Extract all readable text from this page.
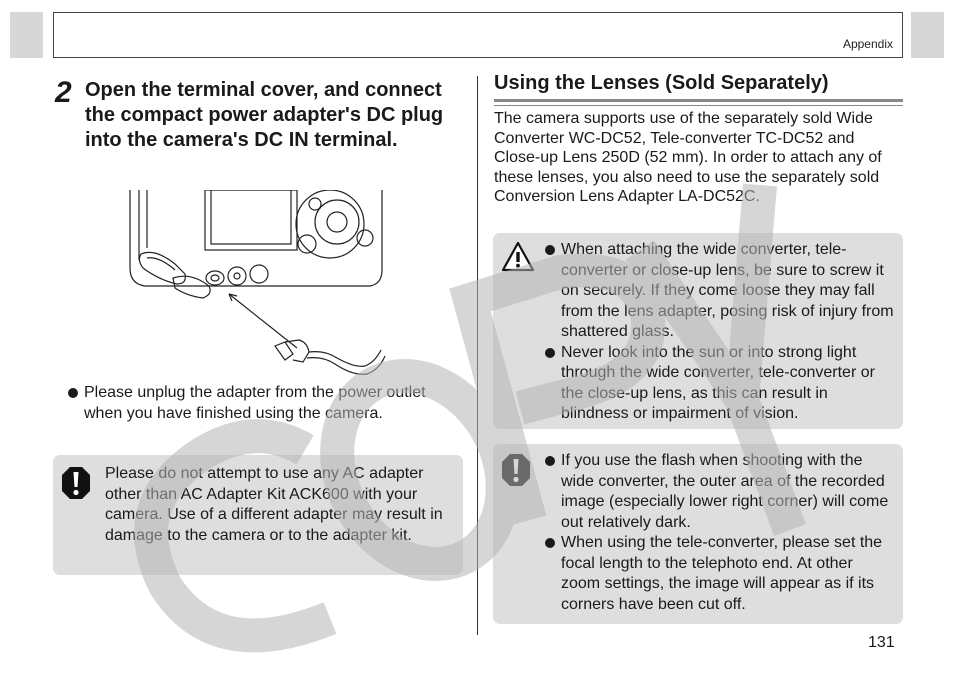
Appendix
2 Open the terminal cover, and connect the compact power adapter's DC plug into the camera's DC IN terminal.

Please unplug the adapter from the power outlet when you have finished using the camera.

Please do not attempt to use any AC adapter other than AC Adapter Kit ACK600 with your camera. Use of a different adapter may result in damage to the camera or to the adapter kit.

Using the Lenses (Sold Separately)

The camera supports use of the separately sold Wide Converter WC-DC52, Tele-converter TC-DC52 and Close-up Lens 250D (52 mm). In order to attach any of these lenses, you also need to use the separately sold Conversion Lens Adapter LA-DC52C.

When attaching the wide converter, tele-converter or close-up lens, be sure to screw it on securely. If they come loose they may fall from the lens adapter, posing risk of injury from shattered glass.
Never look into the sun or into strong light through the wide converter, tele-converter or the close-up lens, as this can result in blindness or impairment of vision.
If you use the flash when shooting with the wide converter, the outer area of the recorded image (especially lower right corner) will come out relatively dark.
When using the tele-converter, please set the focal length to the telephoto end. At other zoom settings, the image will appear as if its corners have been cut off.
131
